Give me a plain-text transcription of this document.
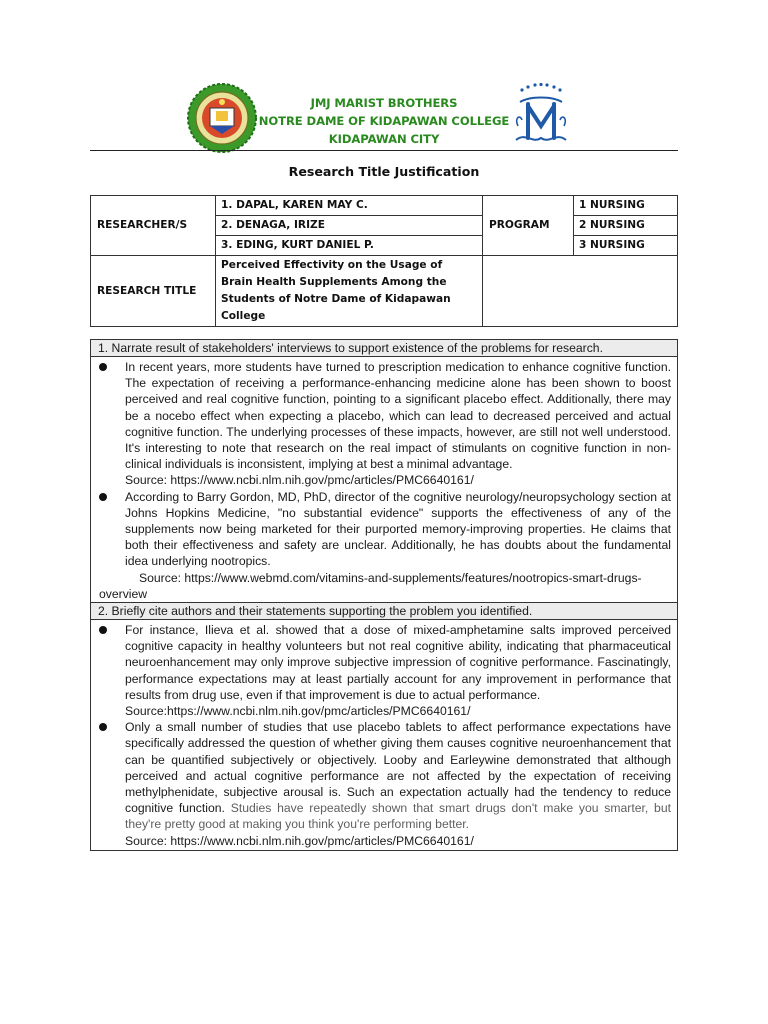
JMJ MARIST BROTHERS
NOTRE DAME OF KIDAPAWAN COLLEGE
KIDAPAWAN CITY
Research Title Justification
RESEARCHER/S	1. DAPAL, KAREN MAY C.	PROGRAM	1 NURSING
	2. DENAGA, IRIZE		2 NURSING
	3. EDING, KURT DANIEL P.		3 NURSING
RESEARCH TITLE	Perceived Effectivity on the Usage of Brain Health Supplements Among the Students of Notre Dame of Kidapawan College		
1. Narrate result of stakeholders' interviews to support existence of the problems for research.

In recent years, more students have turned to prescription medication to enhance cognitive function. The expectation of receiving a performance-enhancing medicine alone has been shown to boost perceived and real cognitive function, pointing to a significant placebo effect. Additionally, there may be a nocebo effect when expecting a placebo, which can lead to decreased perceived and actual cognitive function. The underlying processes of these impacts, however, are still not well understood. It's interesting to note that research on the real impact of stimulants on cognitive function in non-clinical individuals is inconsistent, implying at best a minimal advantage.

Source: https://www.ncbi.nlm.nih.gov/pmc/articles/PMC6640161/

According to Barry Gordon, MD, PhD, director of the cognitive neurology/neuropsychology section at Johns Hopkins Medicine, "no substantial evidence" supports the effectiveness of any of the supplements now being marketed for their purported memory-improving properties. He claims that both their effectiveness and safety are unclear. Additionally, he has doubts about the fundamental idea underlying nootropics.

Source: https://www.webmd.com/vitamins-and-supplements/features/nootropics-smart-drugs-overview

2. Briefly cite authors and their statements supporting the problem you identified.
For instance, Ilieva et al. showed that a dose of mixed-amphetamine salts improved perceived cognitive capacity in healthy volunteers but not real cognitive ability, indicating that pharmaceutical neuroenhancement may only improve subjective impression of cognitive performance. Fascinatingly, performance expectations may at least partially account for any improvement in performance that results from drug use, even if that improvement is due to actual performance.
Source:https://www.ncbi.nlm.nih.gov/pmc/articles/PMC6640161/

Only a small number of studies that use placebo tablets to affect performance expectations have specifically addressed the question of whether giving them causes cognitive neuroenhancement that can be quantified subjectively or objectively. Looby and Earleywine demonstrated that although perceived and actual cognitive performance are not affected by the expectation of receiving methylphenidate, subjective arousal is. Such an expectation actually had the tendency to reduce cognitive function. Studies have repeatedly shown that smart drugs don't make you smarter, but they're pretty good at making you think you're performing better.

Source: https://www.ncbi.nlm.nih.gov/pmc/articles/PMC6640161/
